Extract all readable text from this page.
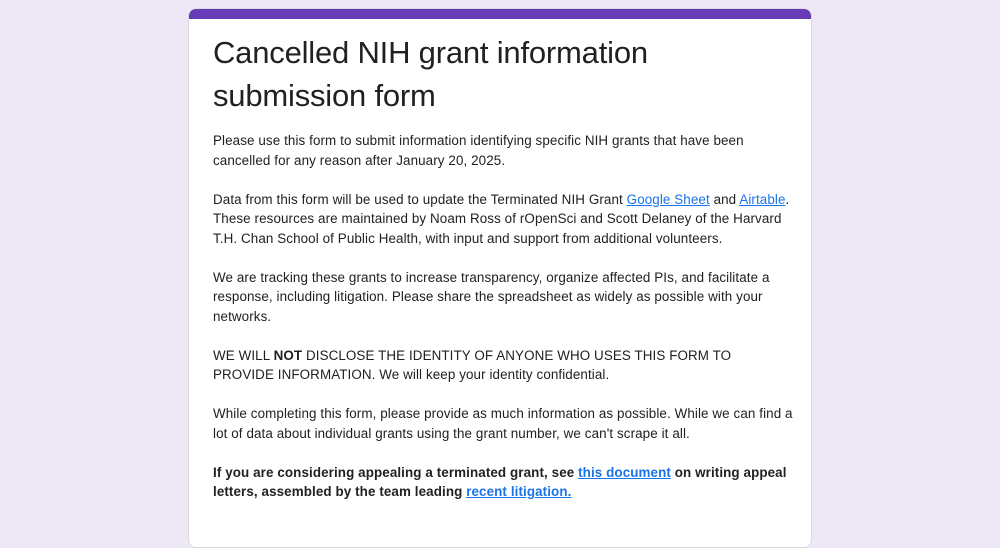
Cancelled NIH grant information submission form

Please use this form to submit information identifying specific NIH grants that have been cancelled for any reason after January 20, 2025.

Data from this form will be used to update the Terminated NIH Grant Google Sheet and Airtable. These resources are maintained by Noam Ross of rOpenSci and Scott Delaney of the Harvard T.H. Chan School of Public Health, with input and support from additional volunteers.

We are tracking these grants to increase transparency, organize affected PIs, and facilitate a response, including litigation. Please share the spreadsheet as widely as possible with your networks.

WE WILL NOT DISCLOSE THE IDENTITY OF ANYONE WHO USES THIS FORM TO PROVIDE INFORMATION. We will keep your identity confidential.

While completing this form, please provide as much information as possible. While we can find a lot of data about individual grants using the grant number, we can't scrape it all.

If you are considering appealing a terminated grant, see this document on writing appeal letters, assembled by the team leading recent litigation.
